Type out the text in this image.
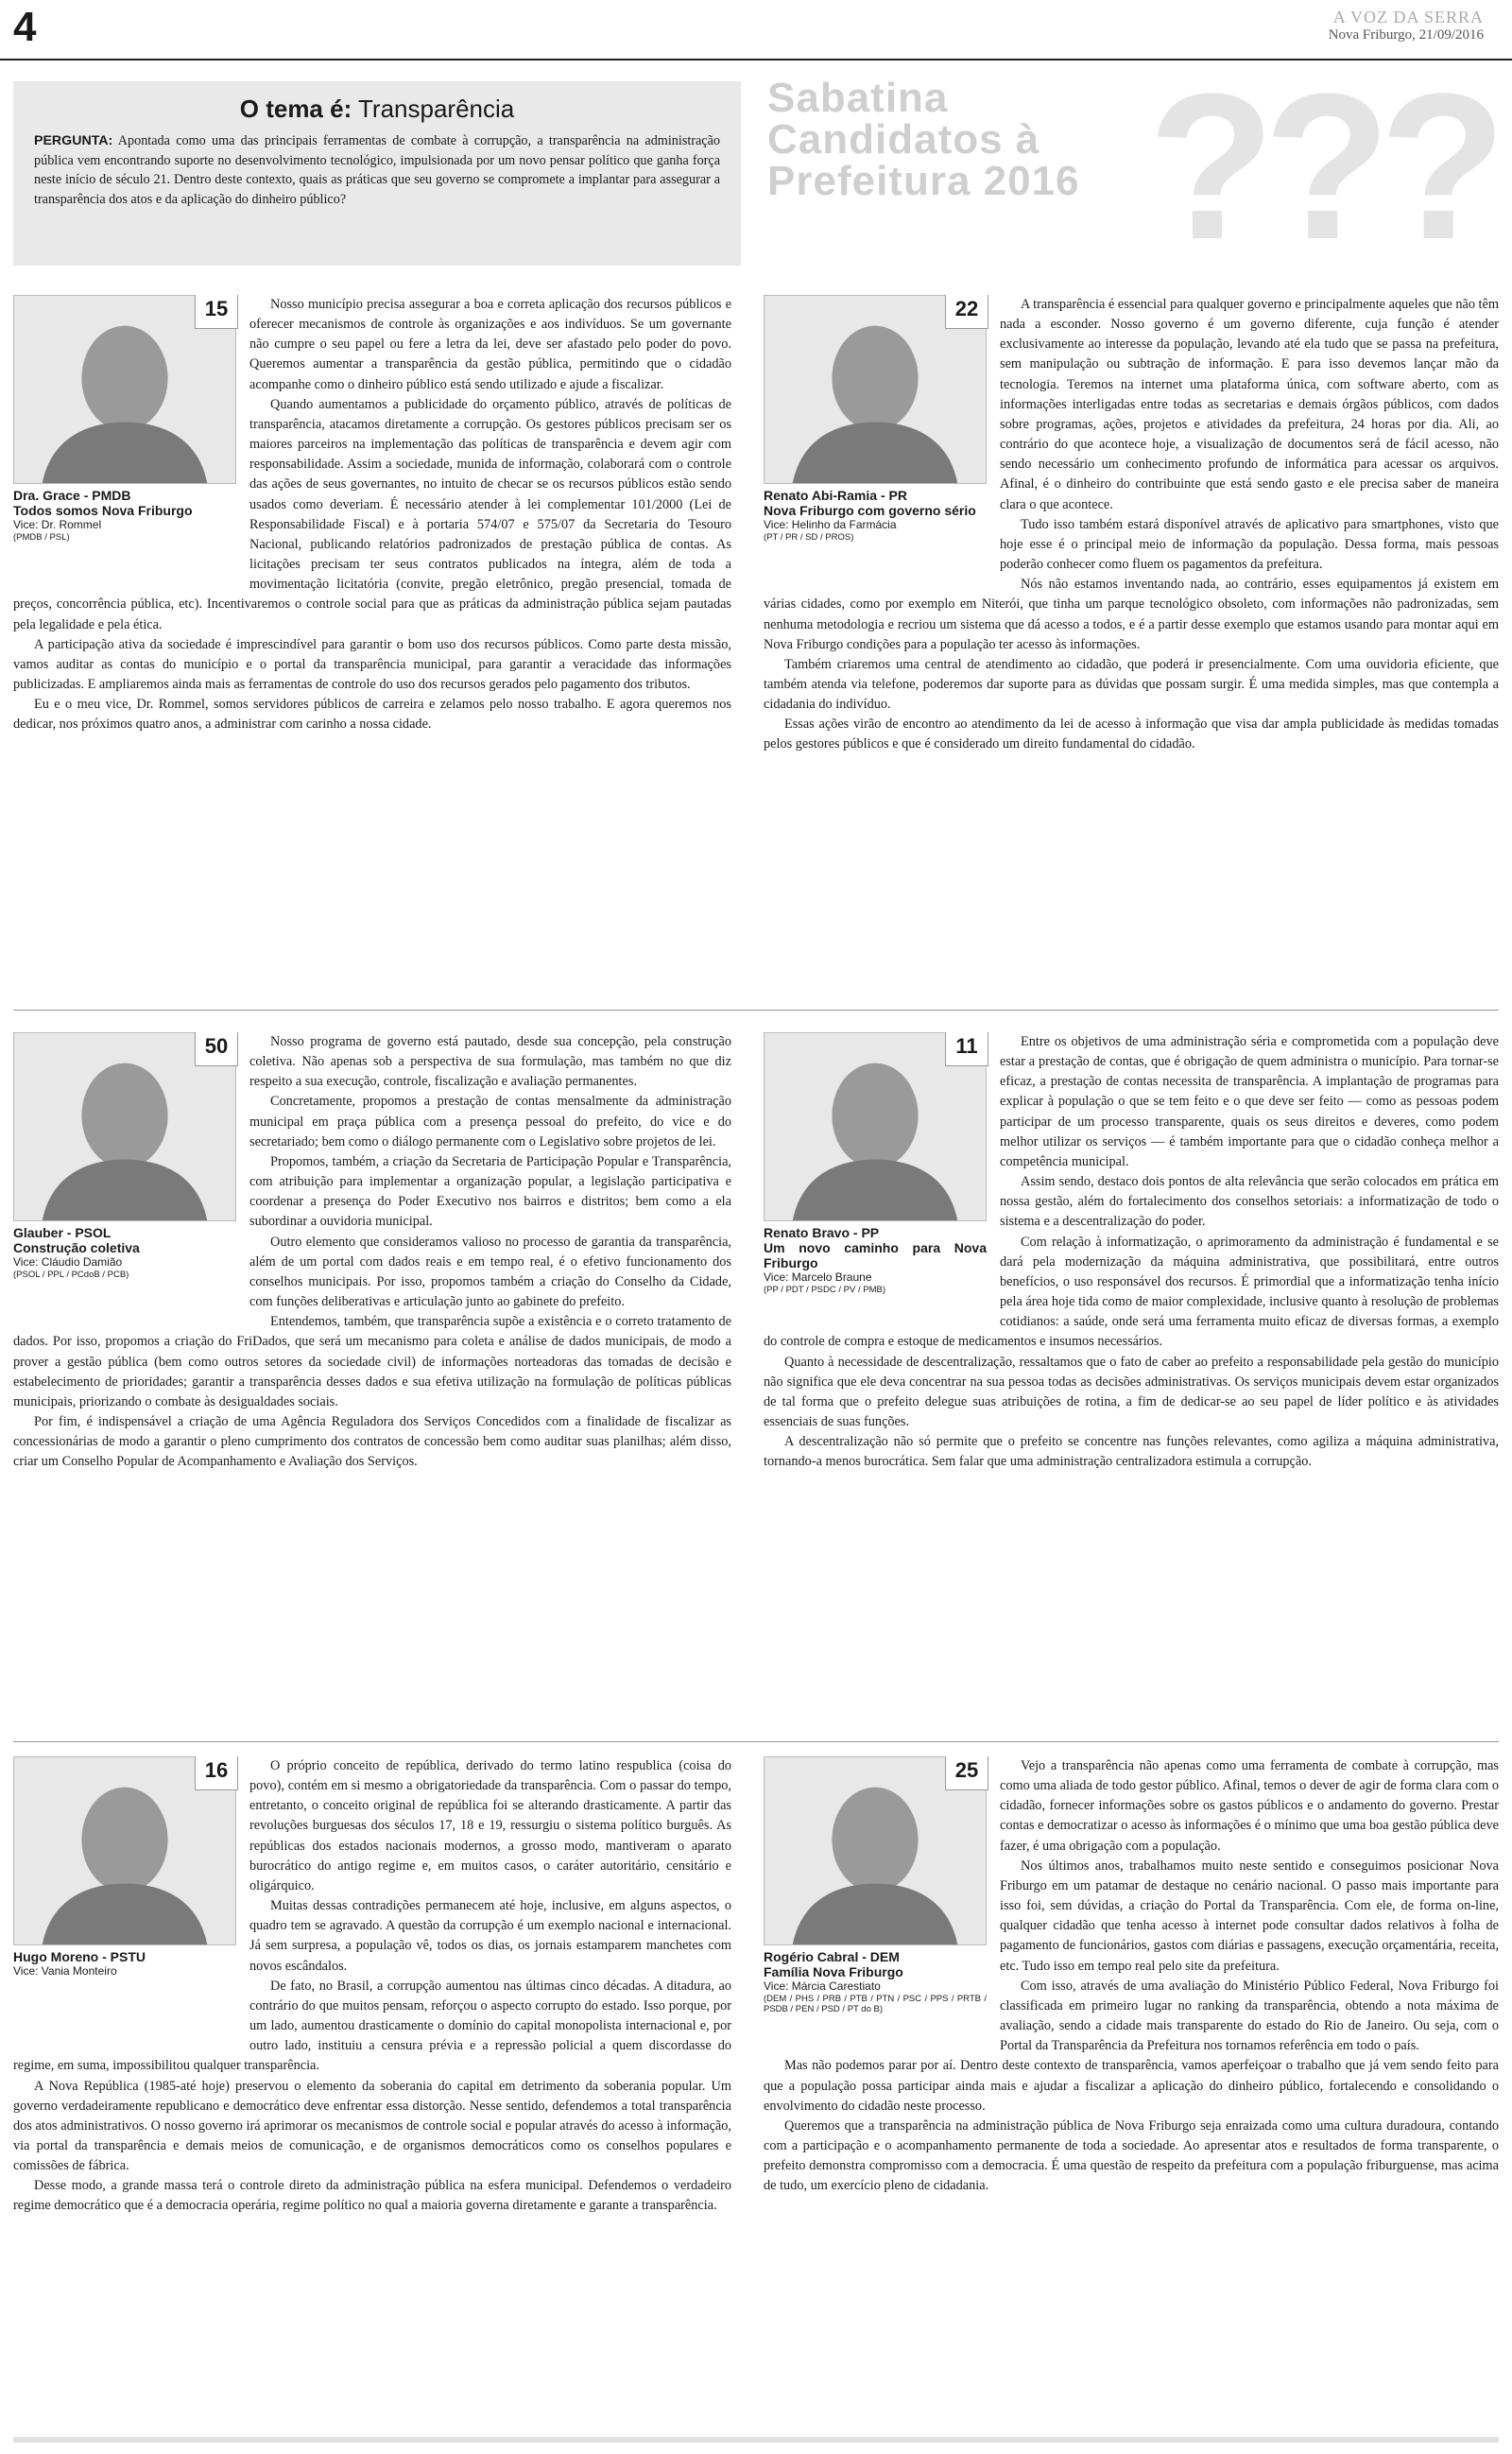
4	A VOZ DA SERRA
Nova Friburgo, 21/09/2016
O tema é: Transparência

PERGUNTA: Apontada como uma das principais ferramentas de combate à corrupção, a transparência na administração pública vem encontrando suporte no desenvolvimento tecnológico, impulsionada por um novo pensar político que ganha força neste início de século 21. Dentro deste contexto, quais as práticas que seu governo se compromete a implantar para assegurar a transparência dos atos e da aplicação do dinheiro público?	???
Sabatina
Candidatos à
Prefeitura 2016
15
Dra. Grace - PMDB
Todos somos Nova Friburgo
Vice: Dr. Rommel
(PMDB / PSL)

Nosso município precisa assegurar a boa e correta aplicação dos recursos públicos e oferecer mecanismos de controle às organizações e aos indivíduos. Se um governante não cumpre o seu papel ou fere a letra da lei, deve ser afastado pelo poder do povo. Queremos aumentar a transparência da gestão pública, permitindo que o cidadão acompanhe como o dinheiro público está sendo utilizado e ajude a fiscalizar.

Quando aumentamos a publicidade do orçamento público, através de políticas de transparência, atacamos diretamente a corrupção. Os gestores públicos precisam ser os maiores parceiros na implementação das políticas de transparência e devem agir com responsabilidade. Assim a sociedade, munida de informação, colaborará com o controle das ações de seus governantes, no intuito de checar se os recursos públicos estão sendo usados como deveriam. É necessário atender à lei complementar 101/2000 (Lei de Responsabilidade Fiscal) e à portaria 574/07 e 575/07 da Secretaria do Tesouro Nacional, publicando relatórios padronizados de prestação pública de contas. As licitações precisam ter seus contratos publicados na íntegra, além de toda a movimentação licitatória (convite, pregão eletrônico, pregão presencial, tomada de preços, concorrência pública, etc). Incentivaremos o controle social para que as práticas da administração pública sejam pautadas pela legalidade e pela ética.

A participação ativa da sociedade é imprescindível para garantir o bom uso dos recursos públicos. Como parte desta missão, vamos auditar as contas do município e o portal da transparência municipal, para garantir a veracidade das informações publicizadas. E ampliaremos ainda mais as ferramentas de controle do uso dos recursos gerados pelo pagamento dos tributos.

Eu e o meu vice, Dr. Rommel, somos servidores públicos de carreira e zelamos pelo nosso trabalho. E agora queremos nos dedicar, nos próximos quatro anos, a administrar com carinho a nossa cidade.

22
Renato Abi-Ramia - PR
Nova Friburgo com governo sério
Vice: Helinho da Farmácia
(PT / PR / SD / PROS)

A transparência é essencial para qualquer governo e principalmente aqueles que não têm nada a esconder. Nosso governo é um governo diferente, cuja função é atender exclusivamente ao interesse da população, levando até ela tudo que se passa na prefeitura, sem manipulação ou subtração de informação. E para isso devemos lançar mão da tecnologia. Teremos na internet uma plataforma única, com software aberto, com as informações interligadas entre todas as secretarias e demais órgãos públicos, com dados sobre programas, ações, projetos e atividades da prefeitura, 24 horas por dia. Ali, ao contrário do que acontece hoje, a visualização de documentos será de fácil acesso, não sendo necessário um conhecimento profundo de informática para acessar os arquivos. Afinal, é o dinheiro do contribuinte que está sendo gasto e ele precisa saber de maneira clara o que acontece.

Tudo isso também estará disponível através de aplicativo para smartphones, visto que hoje esse é o principal meio de informação da população. Dessa forma, mais pessoas poderão conhecer como fluem os pagamentos da prefeitura.

Nós não estamos inventando nada, ao contrário, esses equipamentos já existem em várias cidades, como por exemplo em Niterói, que tinha um parque tecnológico obsoleto, com informações não padronizadas, sem nenhuma metodologia e recriou um sistema que dá acesso a todos, e é a partir desse exemplo que estamos usando para montar aqui em Nova Friburgo condições para a população ter acesso às informações.

Também criaremos uma central de atendimento ao cidadão, que poderá ir presencialmente. Com uma ouvidoria eficiente, que também atenda via telefone, poderemos dar suporte para as dúvidas que possam surgir. É uma medida simples, mas que contempla a cidadania do indivíduo.

Essas ações virão de encontro ao atendimento da lei de acesso à informação que visa dar ampla publicidade às medidas tomadas pelos gestores públicos e que é considerado um direito fundamental do cidadão.

50
Glauber - PSOL
Construção coletiva
Vice: Cláudio Damião
(PSOL / PPL / PCdoB / PCB)

Nosso programa de governo está pautado, desde sua concepção, pela construção coletiva. Não apenas sob a perspectiva de sua formulação, mas também no que diz respeito a sua execução, controle, fiscalização e avaliação permanentes.

Concretamente, propomos a prestação de contas mensalmente da administração municipal em praça pública com a presença pessoal do prefeito, do vice e do secretariado; bem como o diálogo permanente com o Legislativo sobre projetos de lei.

Propomos, também, a criação da Secretaria de Participação Popular e Transparência, com atribuição para implementar a organização popular, a legislação participativa e coordenar a presença do Poder Executivo nos bairros e distritos; bem como a ela subordinar a ouvidoria municipal.

Outro elemento que consideramos valioso no processo de garantia da transparência, além de um portal com dados reais e em tempo real, é o efetivo funcionamento dos conselhos municipais. Por isso, propomos também a criação do Conselho da Cidade, com funções deliberativas e articulação junto ao gabinete do prefeito.

Entendemos, também, que transparência supõe a existência e o correto tratamento de dados. Por isso, propomos a criação do FriDados, que será um mecanismo para coleta e análise de dados municipais, de modo a prover a gestão pública (bem como outros setores da sociedade civil) de informações norteadoras das tomadas de decisão e estabelecimento de prioridades; garantir a transparência desses dados e sua efetiva utilização na formulação de políticas públicas municipais, priorizando o combate às desigualdades sociais.

Por fim, é indispensável a criação de uma Agência Reguladora dos Serviços Concedidos com a finalidade de fiscalizar as concessionárias de modo a garantir o pleno cumprimento dos contratos de concessão bem como auditar suas planilhas; além disso, criar um Conselho Popular de Acompanhamento e Avaliação dos Serviços.

11
Renato Bravo - PP
Um novo caminho para Nova Friburgo
Vice: Marcelo Braune
(PP / PDT / PSDC / PV / PMB)

Entre os objetivos de uma administração séria e comprometida com a população deve estar a prestação de contas, que é obrigação de quem administra o município. Para tornar-se eficaz, a prestação de contas necessita de transparência. A implantação de programas para explicar à população o que se tem feito e o que deve ser feito — como as pessoas podem participar de um processo transparente, quais os seus direitos e deveres, como podem melhor utilizar os serviços — é também importante para que o cidadão conheça melhor a competência municipal.

Assim sendo, destaco dois pontos de alta relevância que serão colocados em prática em nossa gestão, além do fortalecimento dos conselhos setoriais: a informatização de todo o sistema e a descentralização do poder.

Com relação à informatização, o aprimoramento da administração é fundamental e se dará pela modernização da máquina administrativa, que possibilitará, entre outros benefícios, o uso responsável dos recursos. É primordial que a informatização tenha início pela área hoje tida como de maior complexidade, inclusive quanto à resolução de problemas cotidianos: a saúde, onde será uma ferramenta muito eficaz de diversas formas, a exemplo do controle de compra e estoque de medicamentos e insumos necessários.

Quanto à necessidade de descentralização, ressaltamos que o fato de caber ao prefeito a responsabilidade pela gestão do município não significa que ele deva concentrar na sua pessoa todas as decisões administrativas. Os serviços municipais devem estar organizados de tal forma que o prefeito delegue suas atribuições de rotina, a fim de dedicar-se ao seu papel de líder político e às atividades essenciais de suas funções.

A descentralização não só permite que o prefeito se concentre nas funções relevantes, como agiliza a máquina administrativa, tornando-a menos burocrática. Sem falar que uma administração centralizadora estimula a corrupção.

16
Hugo Moreno - PSTU
Vice: Vania Monteiro

O próprio conceito de república, derivado do termo latino respublica (coisa do povo), contém em si mesmo a obrigatoriedade da transparência. Com o passar do tempo, entretanto, o conceito original de república foi se alterando drasticamente. A partir das revoluções burguesas dos séculos 17, 18 e 19, ressurgiu o sistema político burguês. As repúblicas dos estados nacionais modernos, a grosso modo, mantiveram o aparato burocrático do antigo regime e, em muitos casos, o caráter autoritário, censitário e oligárquico.

Muitas dessas contradições permanecem até hoje, inclusive, em alguns aspectos, o quadro tem se agravado. A questão da corrupção é um exemplo nacional e internacional. Já sem surpresa, a população vê, todos os dias, os jornais estamparem manchetes com novos escândalos.

De fato, no Brasil, a corrupção aumentou nas últimas cinco décadas. A ditadura, ao contrário do que muitos pensam, reforçou o aspecto corrupto do estado. Isso porque, por um lado, aumentou drasticamente o domínio do capital monopolista internacional e, por outro lado, instituiu a censura prévia e a repressão policial a quem discordasse do regime, em suma, impossibilitou qualquer transparência.

A Nova República (1985-até hoje) preservou o elemento da soberania do capital em detrimento da soberania popular. Um governo verdadeiramente republicano e democrático deve enfrentar essa distorção. Nesse sentido, defendemos a total transparência dos atos administrativos. O nosso governo irá aprimorar os mecanismos de controle social e popular através do acesso à informação, via portal da transparência e demais meios de comunicação, e de organismos democráticos como os conselhos populares e comissões de fábrica.

Desse modo, a grande massa terá o controle direto da administração pública na esfera municipal. Defendemos o verdadeiro regime democrático que é a democracia operária, regime político no qual a maioria governa diretamente e garante a transparência.

25
Rogério Cabral - DEM
Família Nova Friburgo
Vice: Márcia Carestiato
(DEM / PHS / PRB / PTB / PTN / PSC / PPS / PRTB / PSDB / PEN / PSD / PT do B)

Vejo a transparência não apenas como uma ferramenta de combate à corrupção, mas como uma aliada de todo gestor público. Afinal, temos o dever de agir de forma clara com o cidadão, fornecer informações sobre os gastos públicos e o andamento do governo. Prestar contas e democratizar o acesso às informações é o mínimo que uma boa gestão pública deve fazer, é uma obrigação com a população.

Nos últimos anos, trabalhamos muito neste sentido e conseguimos posicionar Nova Friburgo em um patamar de destaque no cenário nacional. O passo mais importante para isso foi, sem dúvidas, a criação do Portal da Transparência. Com ele, de forma on-line, qualquer cidadão que tenha acesso à internet pode consultar dados relativos à folha de pagamento de funcionários, gastos com diárias e passagens, execução orçamentária, receita, etc. Tudo isso em tempo real pelo site da prefeitura.

Com isso, através de uma avaliação do Ministério Público Federal, Nova Friburgo foi classificada em primeiro lugar no ranking da transparência, obtendo a nota máxima de avaliação, sendo a cidade mais transparente do estado do Rio de Janeiro. Ou seja, com o Portal da Transparência da Prefeitura nos tornamos referência em todo o país.

Mas não podemos parar por aí. Dentro deste contexto de transparência, vamos aperfeiçoar o trabalho que já vem sendo feito para que a população possa participar ainda mais e ajudar a fiscalizar a aplicação do dinheiro público, fortalecendo e consolidando o envolvimento do cidadão neste processo.

Queremos que a transparência na administração pública de Nova Friburgo seja enraizada como uma cultura duradoura, contando com a participação e o acompanhamento permanente de toda a sociedade. Ao apresentar atos e resultados de forma transparente, o prefeito demonstra compromisso com a democracia. É uma questão de respeito da prefeitura com a população friburguense, mas acima de tudo, um exercício pleno de cidadania.
